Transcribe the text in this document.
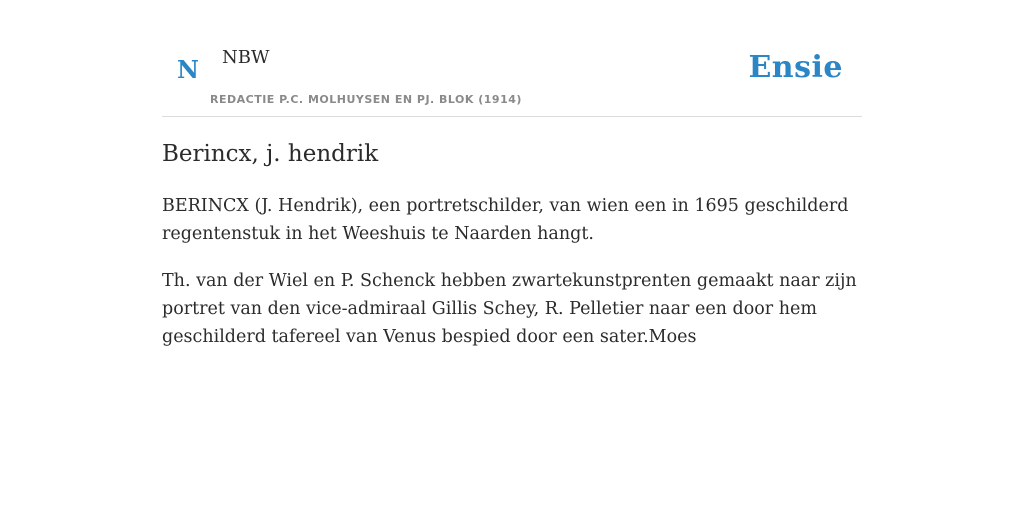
N NBW
REDACTIE P.C. MOLHUYSEN EN PJ. BLOK (1914)
Ensie
Berincx, j. hendrik

BERINCX (J. Hendrik), een portretschilder, van wien een in 1695 geschilderd regentenstuk in het Weeshuis te Naarden hangt.

Th. van der Wiel en P. Schenck hebben zwartekunstprenten gemaakt naar zijn portret van den vice-admiraal Gillis Schey, R. Pelletier naar een door hem geschilderd tafereel van Venus bespied door een sater.Moes
